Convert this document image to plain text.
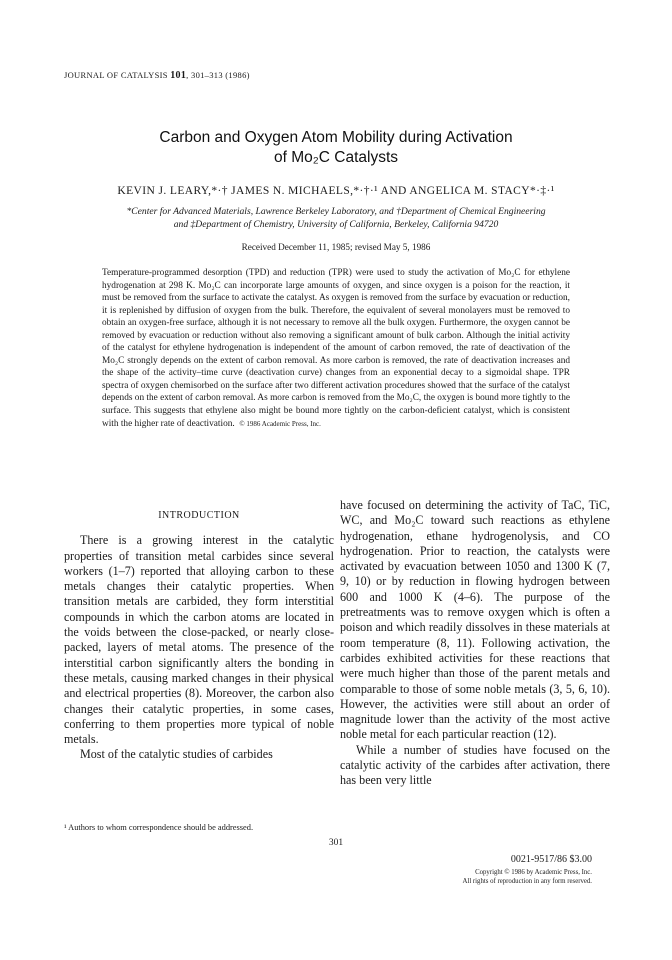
JOURNAL OF CATALYSIS 101, 301–313 (1986)
Carbon and Oxygen Atom Mobility during Activation
of Mo₂C Catalysts
KEVIN J. LEARY,*·† JAMES N. MICHAELS,*·†·¹ AND ANGELICA M. STACY*·‡·¹
*Center for Advanced Materials, Lawrence Berkeley Laboratory, and †Department of Chemical Engineering
and ‡Department of Chemistry, University of California, Berkeley, California 94720
Received December 11, 1985; revised May 5, 1986
Temperature-programmed desorption (TPD) and reduction (TPR) were used to study the activation of Mo₂C for ethylene hydrogenation at 298 K. Mo₂C can incorporate large amounts of oxygen, and since oxygen is a poison for the reaction, it must be removed from the surface to activate the catalyst. As oxygen is removed from the surface by evacuation or reduction, it is replenished by diffusion of oxygen from the bulk. Therefore, the equivalent of several monolayers must be removed to obtain an oxygen-free surface, although it is not necessary to remove all the bulk oxygen. Furthermore, the oxygen cannot be removed by evacuation or reduction without also removing a significant amount of bulk carbon. Although the initial activity of the catalyst for ethylene hydrogenation is independent of the amount of carbon removed, the rate of deactivation of the Mo₂C strongly depends on the extent of carbon removal. As more carbon is removed, the rate of deactivation increases and the shape of the activity–time curve (deactivation curve) changes from an exponential decay to a sigmoidal shape. TPR spectra of oxygen chemisorbed on the surface after two different activation procedures showed that the surface of the catalyst depends on the extent of carbon removal. As more carbon is removed from the Mo₂C, the oxygen is bound more tightly to the surface. This suggests that ethylene also might be bound more tightly on the carbon-deficient catalyst, which is consistent with the higher rate of deactivation. © 1986 Academic Press, Inc.
INTRODUCTION

There is a growing interest in the catalytic properties of transition metal carbides since several workers (1–7) reported that alloying carbon to these metals changes their catalytic properties. When transition metals are carbided, they form interstitial compounds in which the carbon atoms are located in the voids between the close-packed, or nearly close-packed, layers of metal atoms. The presence of the interstitial carbon significantly alters the bonding in these metals, causing marked changes in their physical and electrical properties (8). Moreover, the carbon also changes their catalytic properties, in some cases, conferring to them properties more typical of noble metals.

Most of the catalytic studies of carbides

have focused on determining the activity of TaC, TiC, WC, and Mo₂C toward such reactions as ethylene hydrogenation, ethane hydrogenolysis, and CO hydrogenation. Prior to reaction, the catalysts were activated by evacuation between 1050 and 1300 K (7, 9, 10) or by reduction in flowing hydrogen between 600 and 1000 K (4–6). The purpose of the pretreatments was to remove oxygen which is often a poison and which readily dissolves in these materials at room temperature (8, 11). Following activation, the carbides exhibited activities for these reactions that were much higher than those of the parent metals and comparable to those of some noble metals (3, 5, 6, 10). However, the activities were still about an order of magnitude lower than the activity of the most active noble metal for each particular reaction (12).

While a number of studies have focused on the catalytic activity of the carbides after activation, there has been very little

¹ Authors to whom correspondence should be addressed.
301
0021-9517/86 $3.00
Copyright © 1986 by Academic Press, Inc.
All rights of reproduction in any form reserved.
